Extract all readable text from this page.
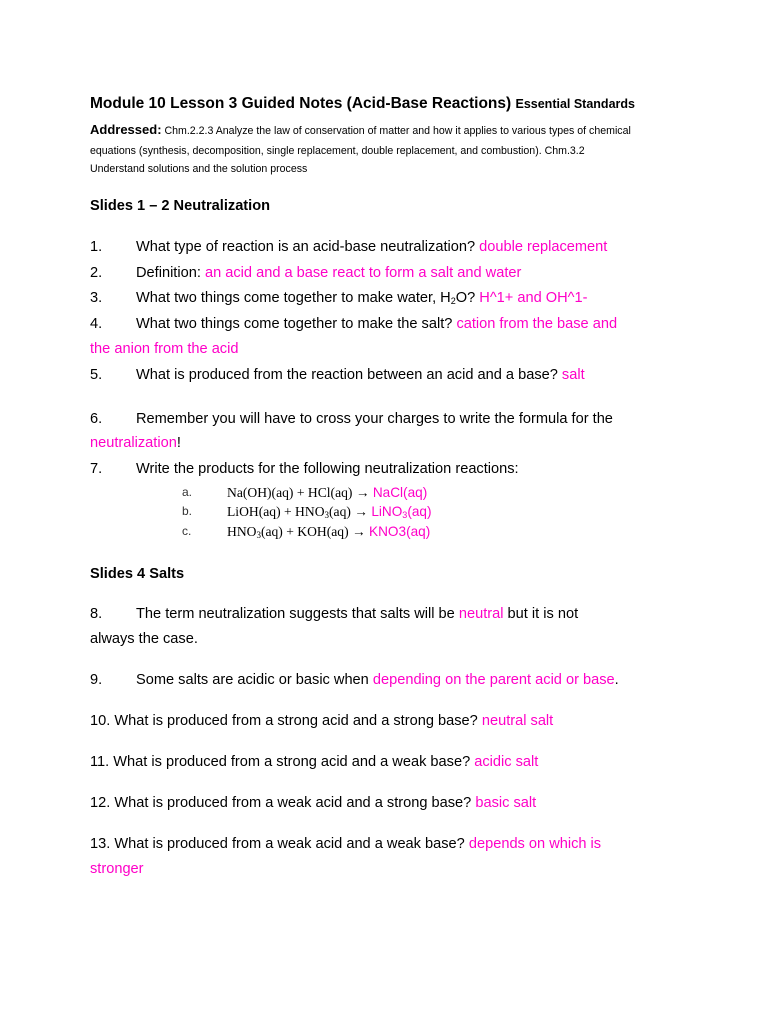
Module 10 Lesson 3 Guided Notes (Acid-Base Reactions) Essential Standards
Addressed: Chm.2.2.3 Analyze the law of conservation of matter and how it applies to various types of chemical
equations (synthesis, decomposition, single replacement, double replacement, and combustion). Chm.3.2
Understand solutions and the solution process
Slides 1 – 2 Neutralization
1. What type of reaction is an acid-base neutralization? double replacement
2. Definition: an acid and a base react to form a salt and water
3. What two things come together to make water, $H_2O$? H^1+ and OH^1-
4. What two things come together to make the salt? cation from the base and
the anion from the acid
5. What is produced from the reaction between an acid and a base? salt
6. Remember you will have to cross your charges to write the formula for the
neutralization!
7. Write the products for the following neutralization reactions:
a.	Na(OH)(aq) + HCl(aq) → NaCl(aq)
b.	LiOH(aq) + $HNO_3(aq)$ → LiNO$_3$(aq)
c.	$HNO_3(aq) + KOH(aq) \to KNO3(aq)$
Slides 4 Salts
8. The term neutralization suggests that salts will be neutral but it is not
always the case.
9. Some salts are acidic or basic when depending on the parent acid or base.
10. What is produced from a strong acid and a strong base? neutral salt
11. What is produced from a strong acid and a weak base? acidic salt
12. What is produced from a weak acid and a strong base? basic salt
13. What is produced from a weak acid and a weak base? depends on which is
stronger
